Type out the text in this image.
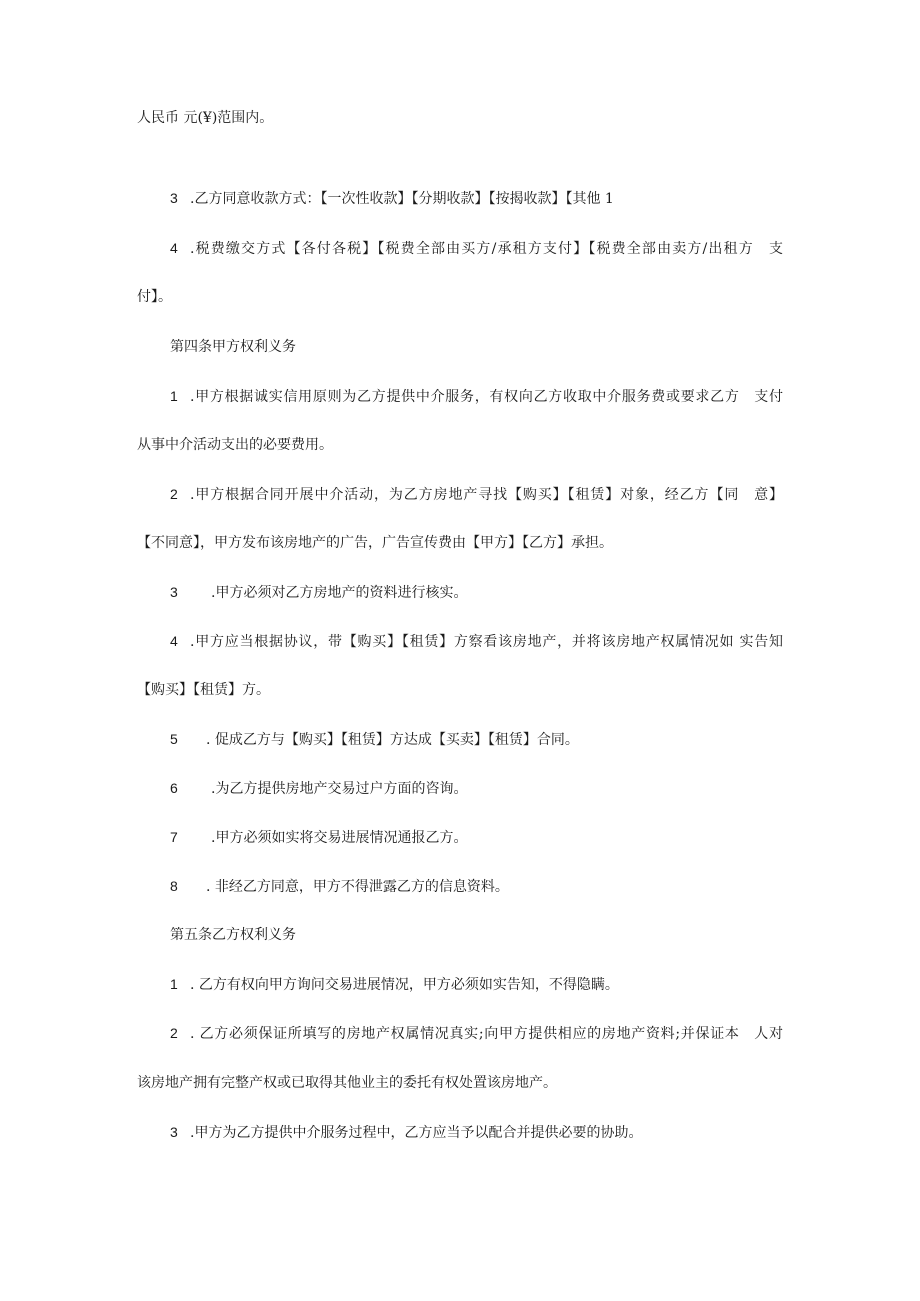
人民币 元(¥)范围内。
3 .乙方同意收款方式：【一次性收款】【分期收款】【按揭收款】【其他 1
4 .税费缴交方式【各付各税】【税费全部由买方/承租方支付】【税费全部由卖方/出租方　支
付】。
第四条甲方权利义务
1 .甲方根据诚实信用原则为乙方提供中介服务，有权向乙方收取中介服务费或要求乙方　支付
从事中介活动支出的必要费用。
2 .甲方根据合同开展中介活动，为乙方房地产寻找【购买】【租赁】对象，经乙方【同　意】
【不同意】，甲方发布该房地产的广告，广告宣传费由【甲方】【乙方】承担。
3 .甲方必须对乙方房地产的资料进行核实。
4 .甲方应当根据协议，带【购买】【租赁】方察看该房地产，并将该房地产权属情况如 实告知
【购买】【租赁】方。
5 . 促成乙方与【购买】【租赁】方达成【买卖】【租赁】合同。
6 .为乙方提供房地产交易过户方面的咨询。
7 .甲方必须如实将交易进展情况通报乙方。
8 . 非经乙方同意，甲方不得泄露乙方的信息资料。
第五条乙方权利义务
1 . 乙方有权向甲方询问交易进展情况，甲方必须如实告知，不得隐瞒。
2 . 乙方必须保证所填写的房地产权属情况真实;向甲方提供相应的房地产资料;并保证本　人对
该房地产拥有完整产权或已取得其他业主的委托有权处置该房地产。
3 .甲方为乙方提供中介服务过程中，乙方应当予以配合并提供必要的协助。
